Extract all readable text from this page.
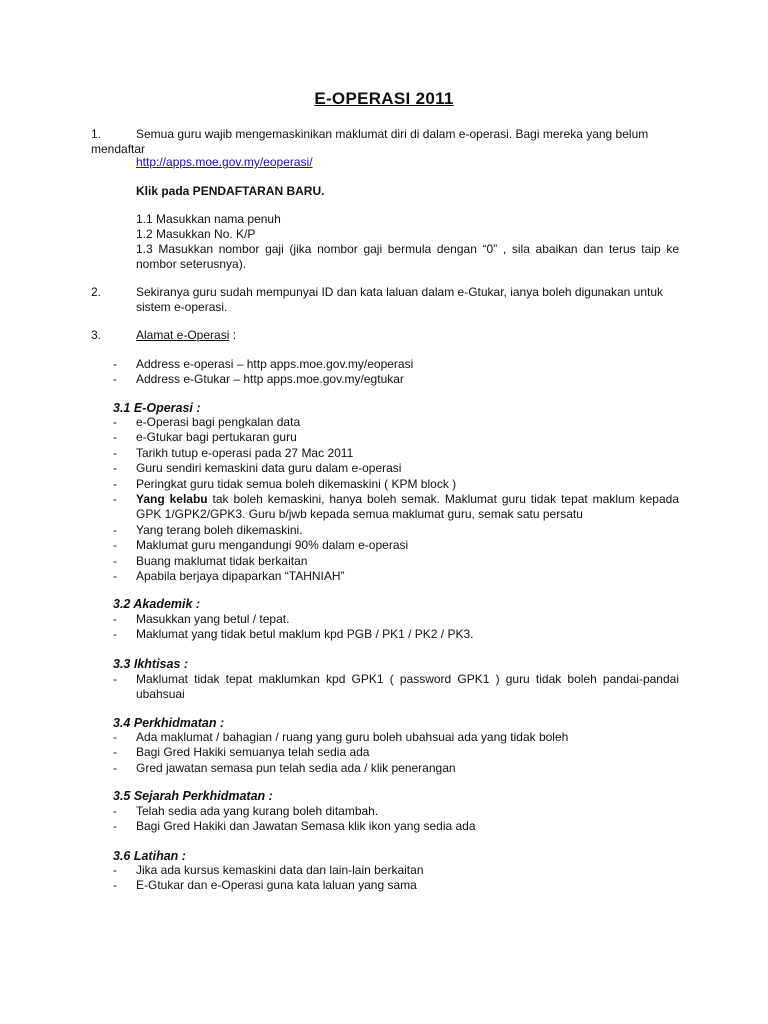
E-OPERASI 2011
1.	Semua guru wajib mengemaskinikan maklumat diri di dalam e-operasi. Bagi mereka yang belum
mendaftar
http://apps.moe.gov.my/eoperasi/
Klik pada PENDAFTARAN BARU.
1.1 Masukkan nama penuh
1.2 Masukkan No. K/P
1.3 Masukkan nombor gaji (jika nombor gaji bermula dengan “0” , sila abaikan dan terus taip ke nombor seterusnya).
2.	Sekiranya guru sudah mempunyai ID dan kata laluan dalam e-Gtukar, ianya boleh digunakan untuk sistem e-operasi.
3.	Alamat e-Operasi :
- Address e-operasi – http apps.moe.gov.my/eoperasi
- Address e-Gtukar – http apps.moe.gov.my/egtukar
3.1 E-Operasi :
- e-Operasi bagi pengkalan data
- e-Gtukar bagi pertukaran guru
- Tarikh tutup e-operasi pada 27 Mac 2011
- Guru sendiri kemaskini data guru dalam e-operasi
- Peringkat guru tidak semua boleh dikemaskini ( KPM block )
- Yang kelabu tak boleh kemaskini, hanya boleh semak. Maklumat guru tidak tepat maklum kepada GPK 1/GPK2/GPK3. Guru b/jwb kepada semua maklumat guru, semak satu persatu
- Yang terang boleh dikemaskini.
- Maklumat guru mengandungi 90% dalam e-operasi
- Buang maklumat tidak berkaitan
- Apabila berjaya dipaparkan “TAHNIAH”
3.2 Akademik :
- Masukkan yang betul / tepat.
- Maklumat yang tidak betul maklum kpd PGB / PK1 / PK2 / PK3.
3.3 Ikhtisas :
- Maklumat tidak tepat maklumkan kpd GPK1 ( password GPK1 ) guru tidak boleh pandai-pandai ubahsuai
3.4 Perkhidmatan :
- Ada maklumat / bahagian / ruang yang guru boleh ubahsuai ada yang tidak boleh
- Bagi Gred Hakiki semuanya telah sedia ada
- Gred jawatan semasa pun telah sedia ada / klik penerangan
3.5 Sejarah Perkhidmatan :
- Telah sedia ada yang kurang boleh ditambah.
- Bagi Gred Hakiki dan Jawatan Semasa klik ikon yang sedia ada
3.6 Latihan :
- Jika ada kursus kemaskini data dan lain-lain berkaitan
- E-Gtukar dan e-Operasi guna kata laluan yang sama
